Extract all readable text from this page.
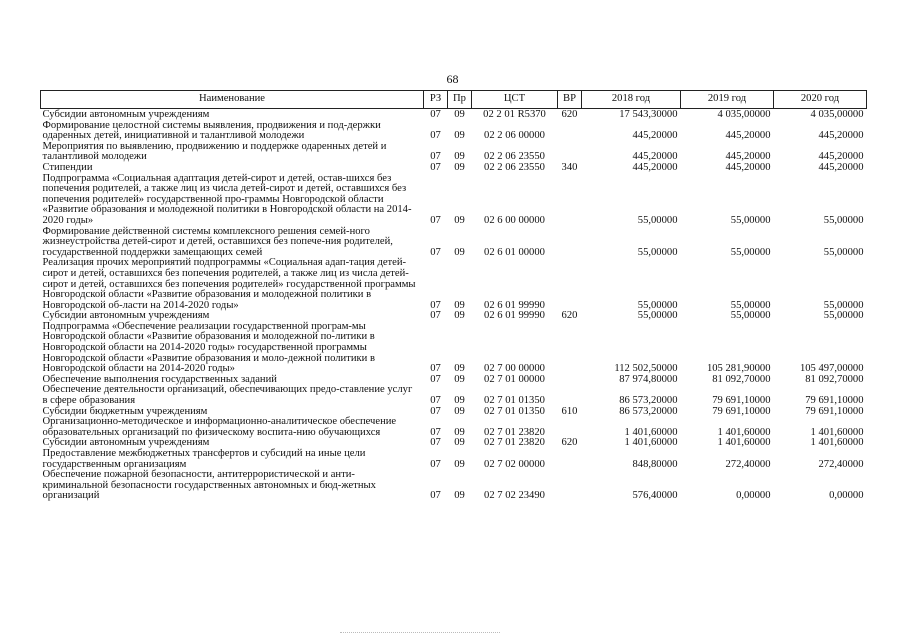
68
Наименование	РЗ	Пр	ЦСТ	ВР	2018 год	2019 год	2020 год
Субсидии автономным учреждениям	07	09	02 2 01 R5370	620	17 543,30000	4 035,00000	4 035,00000
Формирование целостной системы выявления, продвижения и под-держки одаренных детей, инициативной и талантливой молодежи	07	09	02 2 06 00000		445,20000	445,20000	445,20000
Мероприятия по выявлению, продвижению и поддержке одаренных детей и талантливой молодежи	07	09	02 2 06 23550		445,20000	445,20000	445,20000
Стипендии	07	09	02 2 06 23550	340	445,20000	445,20000	445,20000
Подпрограмма «Социальная адаптация детей-сирот и детей, остав-шихся без попечения родителей, а также лиц из числа детей-сирот и детей, оставшихся без попечения родителей» государственной про-граммы Новгородской области «Развитие образования и молодежной политики в Новгородской области на 2014-2020 годы»	07	09	02 6 00 00000		55,00000	55,00000	55,00000
Формирование действенной системы комплексного решения семей-ного жизнеустройства детей-сирот и детей, оставшихся без попече-ния родителей, государственной поддержки замещающих семей	07	09	02 6 01 00000		55,00000	55,00000	55,00000
Реализация прочих мероприятий подпрограммы «Социальная адап-тация детей-сирот и детей, оставшихся без попечения родителей, а также лиц из числа детей-сирот и детей, оставшихся без попечения родителей» государственной программы Новгородской области «Развитие образования и молодежной политики в Новгородской об-ласти на 2014-2020 годы»	07	09	02 6 01 99990		55,00000	55,00000	55,00000
Субсидии автономным учреждениям	07	09	02 6 01 99990	620	55,00000	55,00000	55,00000
Подпрограмма «Обеспечение реализации государственной програм-мы Новгородской области «Развитие образования и молодежной по-литики в Новгородской области на 2014-2020 годы» государственной программы Новгородской области «Развитие образования и моло-дежной политики в Новгородской области на 2014-2020 годы»	07	09	02 7 00 00000		112 502,50000	105 281,90000	105 497,00000
Обеспечение выполнения государственных заданий	07	09	02 7 01 00000		87 974,80000	81 092,70000	81 092,70000
Обеспечение деятельности организаций, обеспечивающих предо-ставление услуг в сфере образования	07	09	02 7 01 01350		86 573,20000	79 691,10000	79 691,10000
Субсидии бюджетным учреждениям	07	09	02 7 01 01350	610	86 573,20000	79 691,10000	79 691,10000
Организационно-методическое и информационно-аналитическое обеспечение образовательных организаций по физическому воспита-нию обучающихся	07	09	02 7 01 23820		1 401,60000	1 401,60000	1 401,60000
Субсидии автономным учреждениям	07	09	02 7 01 23820	620	1 401,60000	1 401,60000	1 401,60000
Предоставление межбюджетных трансфертов и субсидий на иные цели государственным организациям	07	09	02 7 02 00000		848,80000	272,40000	272,40000
Обеспечение пожарной безопасности, антитеррористической и анти-криминальной безопасности государственных автономных и бюд-жетных организаций	07	09	02 7 02 23490		576,40000	0,00000	0,00000
